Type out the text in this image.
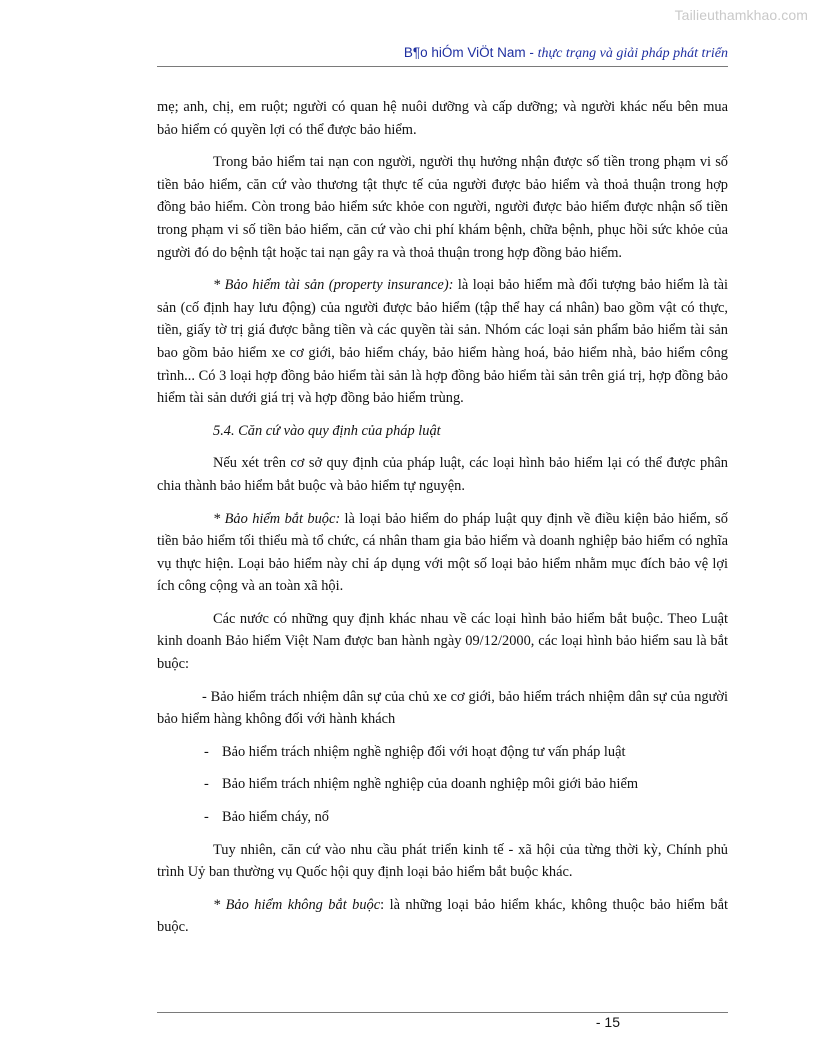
Tailieuthamkhao.com
B¶o hiÓm ViÖt Nam - thực trạng và giải pháp phát triển

mẹ; anh, chị, em ruột; người có quan hệ nuôi dưỡng và cấp dưỡng; và người khác nếu bên mua bảo hiểm có quyền lợi có thể được bảo hiểm.

Trong bảo hiểm tai nạn con người, người thụ hưởng nhận được số tiền trong phạm vi số tiền bảo hiểm, căn cứ vào thương tật thực tế của người được bảo hiểm và thoả thuận trong hợp đồng bảo hiểm. Còn trong bảo hiểm sức khỏe con người, người được bảo hiểm được nhận số tiền trong phạm vi số tiền bảo hiểm, căn cứ vào chi phí khám bệnh, chữa bệnh, phục hồi sức khỏe của người đó do bệnh tật hoặc tai nạn gây ra và thoả thuận trong hợp đồng bảo hiểm.

* Bảo hiểm tài sản (property insurance): là loại bảo hiểm mà đối tượng bảo hiểm là tài sản (cố định hay lưu động) của người được bảo hiểm (tập thể hay cá nhân) bao gồm vật có thực, tiền, giấy tờ trị giá được bằng tiền và các quyền tài sản. Nhóm các loại sản phẩm bảo hiểm tài sản bao gồm bảo hiểm xe cơ giới, bảo hiểm cháy, bảo hiểm hàng hoá, bảo hiểm nhà, bảo hiểm công trình... Có 3 loại hợp đồng bảo hiểm tài sản là hợp đồng bảo hiểm tài sản trên giá trị, hợp đồng bảo hiểm tài sản dưới giá trị và hợp đồng bảo hiểm trùng.

5.4. Căn cứ vào quy định của pháp luật

Nếu xét trên cơ sở quy định của pháp luật, các loại hình bảo hiểm lại có thể được phân chia thành bảo hiểm bắt buộc và bảo hiểm tự nguyện.

* Bảo hiểm bắt buộc: là loại bảo hiểm do pháp luật quy định về điều kiện bảo hiểm, số tiền bảo hiểm tối thiểu mà tổ chức, cá nhân tham gia bảo hiểm và doanh nghiệp bảo hiểm có nghĩa vụ thực hiện. Loại bảo hiểm này chỉ áp dụng với một số loại bảo hiểm nhằm mục đích bảo vệ lợi ích công cộng và an toàn xã hội.

Các nước có những quy định khác nhau về các loại hình bảo hiểm bắt buộc. Theo Luật kinh doanh Bảo hiểm Việt Nam được ban hành ngày 09/12/2000, các loại hình bảo hiểm sau là bắt buộc:

- Bảo hiểm trách nhiệm dân sự của chủ xe cơ giới, bảo hiểm trách nhiệm dân sự của người bảo hiểm hàng không đối với hành khách

- Bảo hiểm trách nhiệm nghề nghiệp đối với hoạt động tư vấn pháp luật
- Bảo hiểm trách nhiệm nghề nghiệp của doanh nghiệp môi giới bảo hiểm
- Bảo hiểm cháy, nổ

Tuy nhiên, căn cứ vào nhu cầu phát triển kinh tế - xã hội của từng thời kỳ, Chính phủ trình Uỷ ban thường vụ Quốc hội quy định loại bảo hiểm bắt buộc khác.

* Bảo hiểm không bắt buộc: là những loại bảo hiểm khác, không thuộc bảo hiểm bắt buộc.

- 15
